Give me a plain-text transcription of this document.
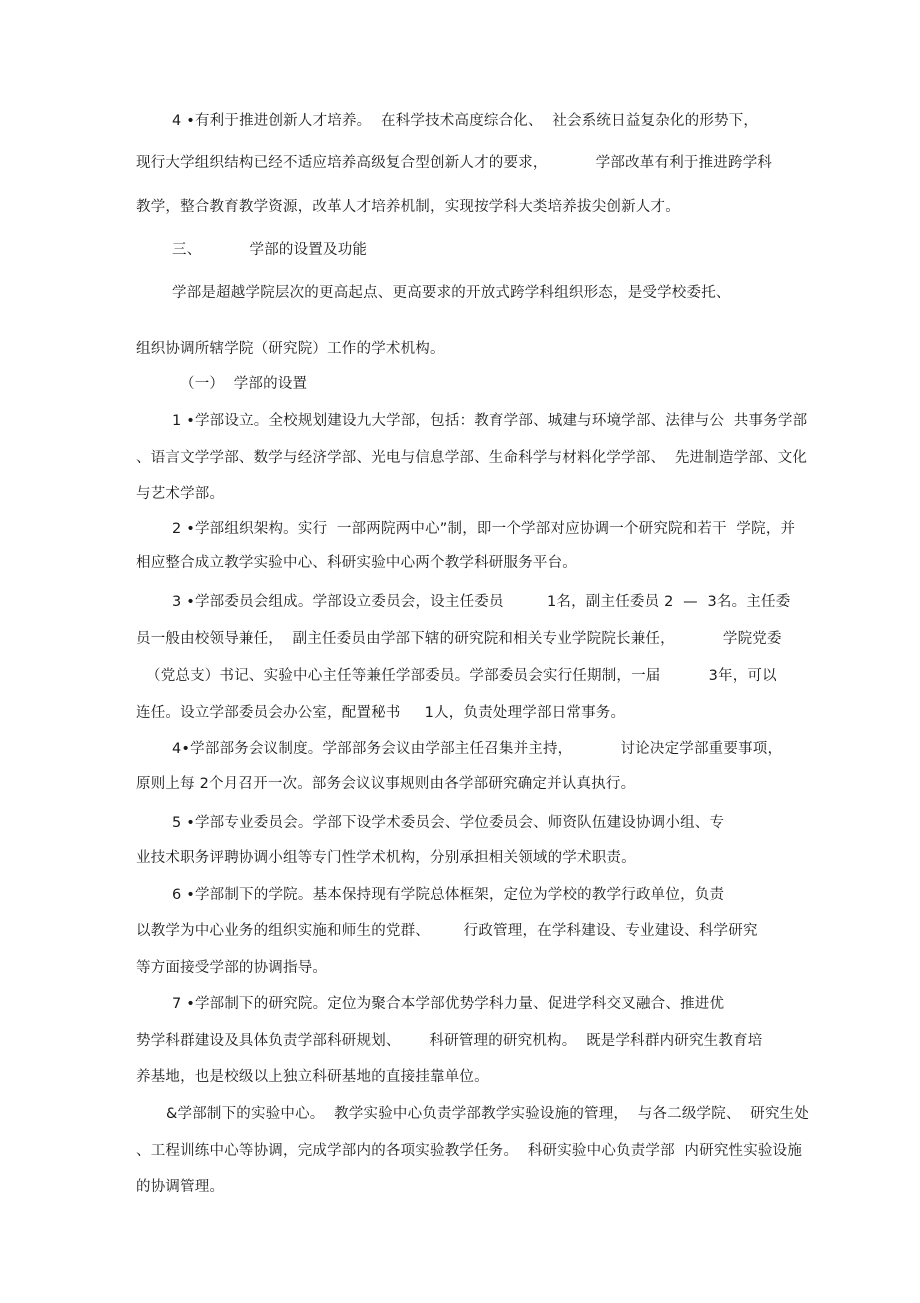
4 •有利于推进创新人才培养。  在科学技术高度综合化、  社会系统日益复杂化的形势下，
现行大学组织结构已经不适应培养高级复合型创新人才的要求，          学部改革有利于推进跨学科
教学，整合教育教学资源，改革人才培养机制，实现按学科大类培养拔尖创新人才。
三、          学部的设置及功能
学部是超越学院层次的更高起点、更高要求的开放式跨学科组织形态，是受学校委托、
组织协调所辖学院（研究院）工作的学术机构。
（一）  学部的设置
1 •学部设立。全校规划建设九大学部，包括：教育学部、城建与环境学部、法律与公  共事务学部
、语言文学学部、数学与经济学部、光电与信息学部、生命科学与材料化学学部、  先进制造学部、文化
与艺术学部。
2 •学部组织架构。实行  一部两院两中心”制，即一个学部对应协调一个研究院和若干  学院，并
相应整合成立教学实验中心、科研实验中心两个教学科研服务平台。
3 •学部委员会组成。学部设立委员会，设主任委员         1名，副主任委员 2  —  3名。主任委
员一般由校领导兼任，  副主任委员由学部下辖的研究院和相关专业学院院长兼任，          学院党委
（党总支）书记、实验中心主任等兼任学部委员。学部委员会实行任期制，一届          3年，可以
连任。设立学部委员会办公室，配置秘书     1人，负责处理学部日常事务。
4•学部部务会议制度。学部部务会议由学部主任召集并主持，          讨论决定学部重要事项，
原则上每 2个月召开一次。部务会议议事规则由各学部研究确定并认真执行。
5 •学部专业委员会。学部下设学术委员会、学位委员会、师资队伍建设协调小组、专
业技术职务评聘协调小组等专门性学术机构，分别承担相关领域的学术职责。
6 •学部制下的学院。基本保持现有学院总体框架，定位为学校的教学行政单位，负责
以教学为中心业务的组织实施和师生的党群、       行政管理，在学科建设、专业建设、科学研究
等方面接受学部的协调指导。
7 •学部制下的研究院。定位为聚合本学部优势学科力量、促进学科交叉融合、推进优
势学科群建设及具体负责学部科研规划、      科研管理的研究机构。  既是学科群内研究生教育培
养基地，也是校级以上独立科研基地的直接挂靠单位。
&学部制下的实验中心。  教学实验中心负责学部教学实验设施的管理，  与各二级学院、  研究生处
、工程训练中心等协调，完成学部内的各项实验教学任务。  科研实验中心负责学部  内研究性实验设施
的协调管理。
